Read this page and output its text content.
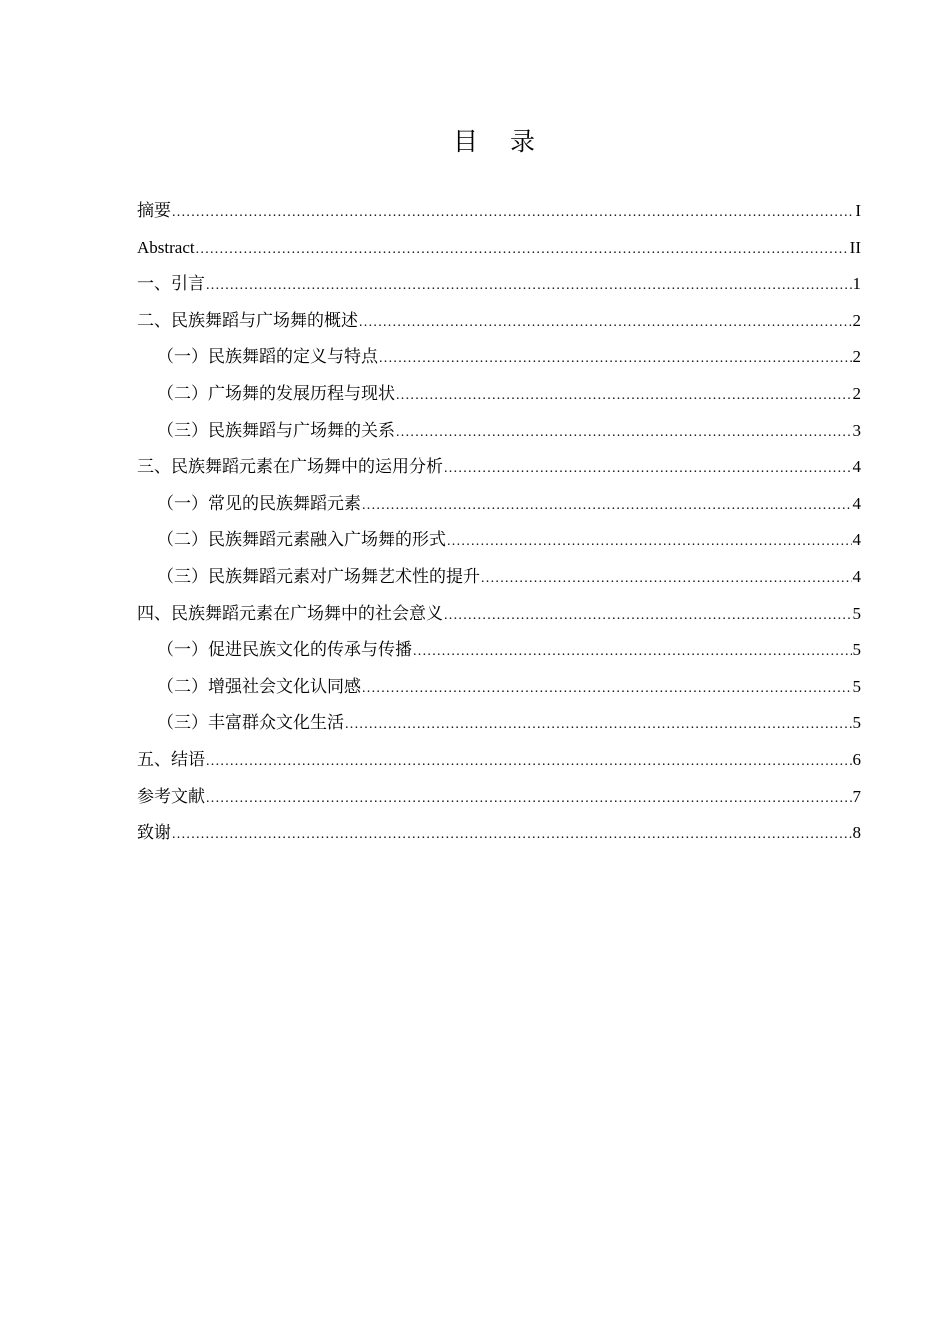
目 录
摘要 .....	I
Abstract .....	II
一、引言 .....	1
二、民族舞蹈与广场舞的概述 .....	2
（一）民族舞蹈的定义与特点 .....	2
（二）广场舞的发展历程与现状 .....	2
（三）民族舞蹈与广场舞的关系 .....	3
三、民族舞蹈元素在广场舞中的运用分析 .....	4
（一）常见的民族舞蹈元素 .....	4
（二）民族舞蹈元素融入广场舞的形式 .....	4
（三）民族舞蹈元素对广场舞艺术性的提升 .....	4
四、民族舞蹈元素在广场舞中的社会意义 .....	5
（一）促进民族文化的传承与传播 .....	5
（二）增强社会文化认同感 .....	5
（三）丰富群众文化生活 .....	5
五、结语 .....	6
参考文献 .....	7
致谢 .....	8
